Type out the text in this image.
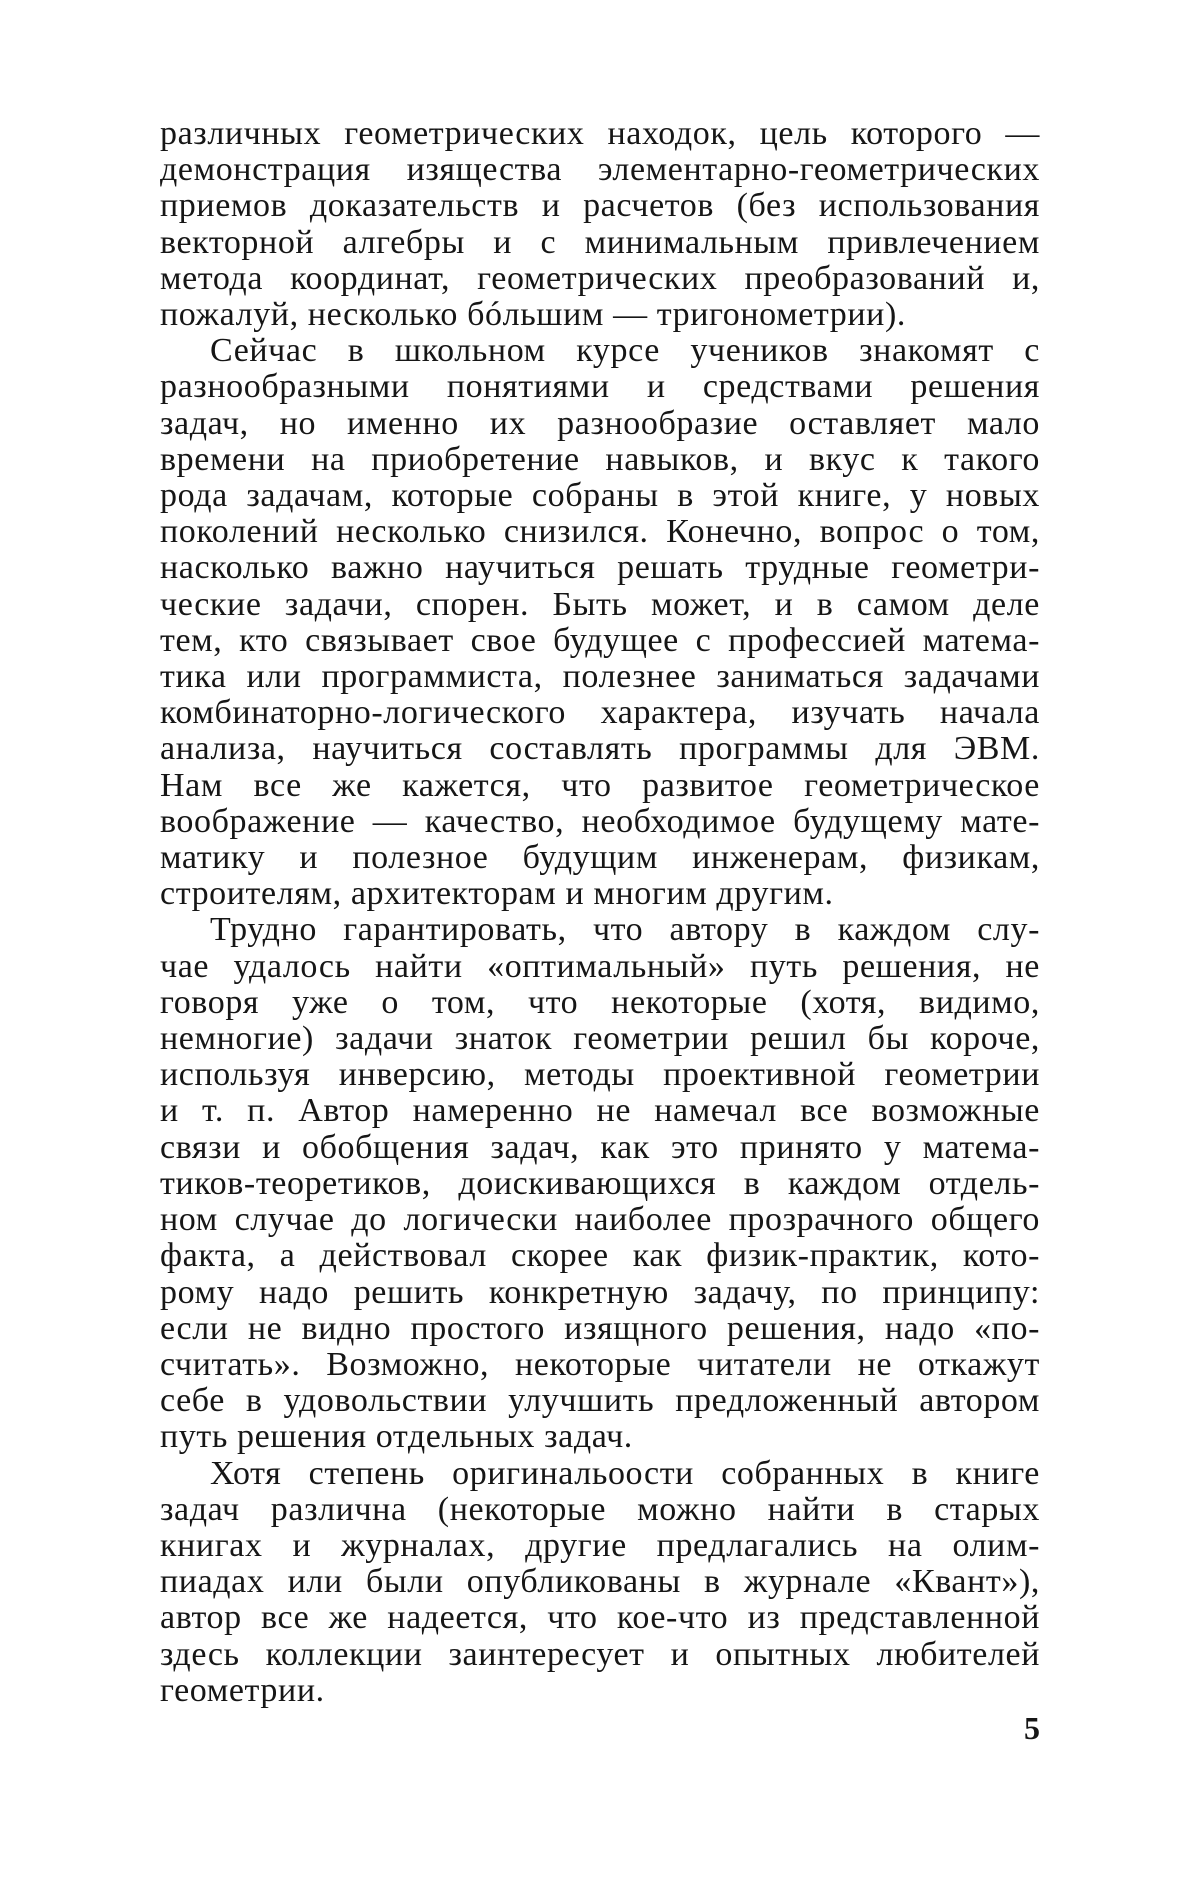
различных геометрических находок, цель которого —
демонстрация изящества элементарно-геометрических
приемов доказательств и расчетов (без использования
векторной алгебры и с минимальным привлечением
метода координат, геометрических преобразований и,
пожалуй, несколько бóльшим — тригонометрии).
Сейчас в школьном курсе учеников знакомят с
разнообразными понятиями и средствами решения
задач, но именно их разнообразие оставляет мало
времени на приобретение навыков, и вкус к такого
рода задачам, которые собраны в этой книге, у новых
поколений несколько снизился. Конечно, вопрос о том,
насколько важно научиться решать трудные геометри-
ческие задачи, спорен. Быть может, и в самом деле
тем, кто связывает свое будущее с профессией матема-
тика или программиста, полезнее заниматься задачами
комбинаторно-логического характера, изучать начала
анализа, научиться составлять программы для ЭВМ.
Нам все же кажется, что развитое геометрическое
воображение — качество, необходимое будущему мате-
матику и полезное будущим инженерам, физикам,
строителям, архитекторам и многим другим.
Трудно гарантировать, что автору в каждом слу-
чае удалось найти «оптимальный» путь решения, не
говоря уже о том, что некоторые (хотя, видимо,
немногие) задачи знаток геометрии решил бы короче,
используя инверсию, методы проективной геометрии
и т. п. Автор намеренно не намечал все возможные
связи и обобщения задач, как это принято у матема-
тиков-теоретиков, доискивающихся в каждом отдель-
ном случае до логически наиболее прозрачного общего
факта, а действовал скорее как физик-практик, кото-
рому надо решить конкретную задачу, по принципу:
если не видно простого изящного решения, надо «по-
считать». Возможно, некоторые читатели не откажут
себе в удовольствии улучшить предложенный автором
путь решения отдельных задач.
Хотя степень оригинальоости собранных в книге
задач различна (некоторые можно найти в старых
книгах и журналах, другие предлагались на олим-
пиадах или были опубликованы в журнале «Квант»),
автор все же надеется, что кое-что из представленной
здесь коллекции заинтересует и опытных любителей
геометрии.
5
